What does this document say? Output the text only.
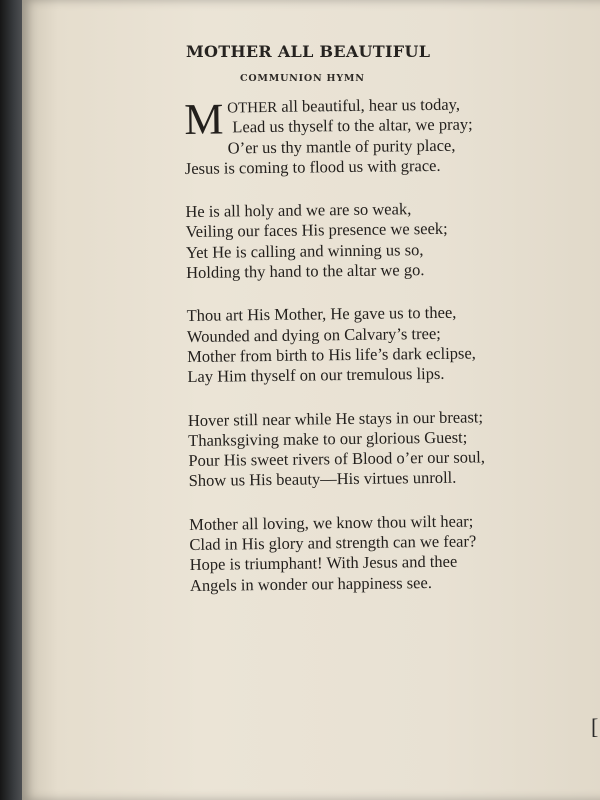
MOTHER ALL BEAUTIFUL
COMMUNION HYMN
M OTHER all beautiful, hear us today,
Lead us thyself to the altar, we pray;
O’er us thy mantle of purity place,
Jesus is coming to flood us with grace.
He is all holy and we are so weak,
Veiling our faces His presence we seek;
Yet He is calling and winning us so,
Holding thy hand to the altar we go.
Thou art His Mother, He gave us to thee,
Wounded and dying on Calvary’s tree;
Mother from birth to His life’s dark eclipse,
Lay Him thyself on our tremulous lips.
Hover still near while He stays in our breast;
Thanksgiving make to our glorious Guest;
Pour His sweet rivers of Blood o’er our soul,
Show us His beauty—His virtues unroll.
Mother all loving, we know thou wilt hear;
Clad in His glory and strength can we fear?
Hope is triumphant! With Jesus and thee
Angels in wonder our happiness see.
[
